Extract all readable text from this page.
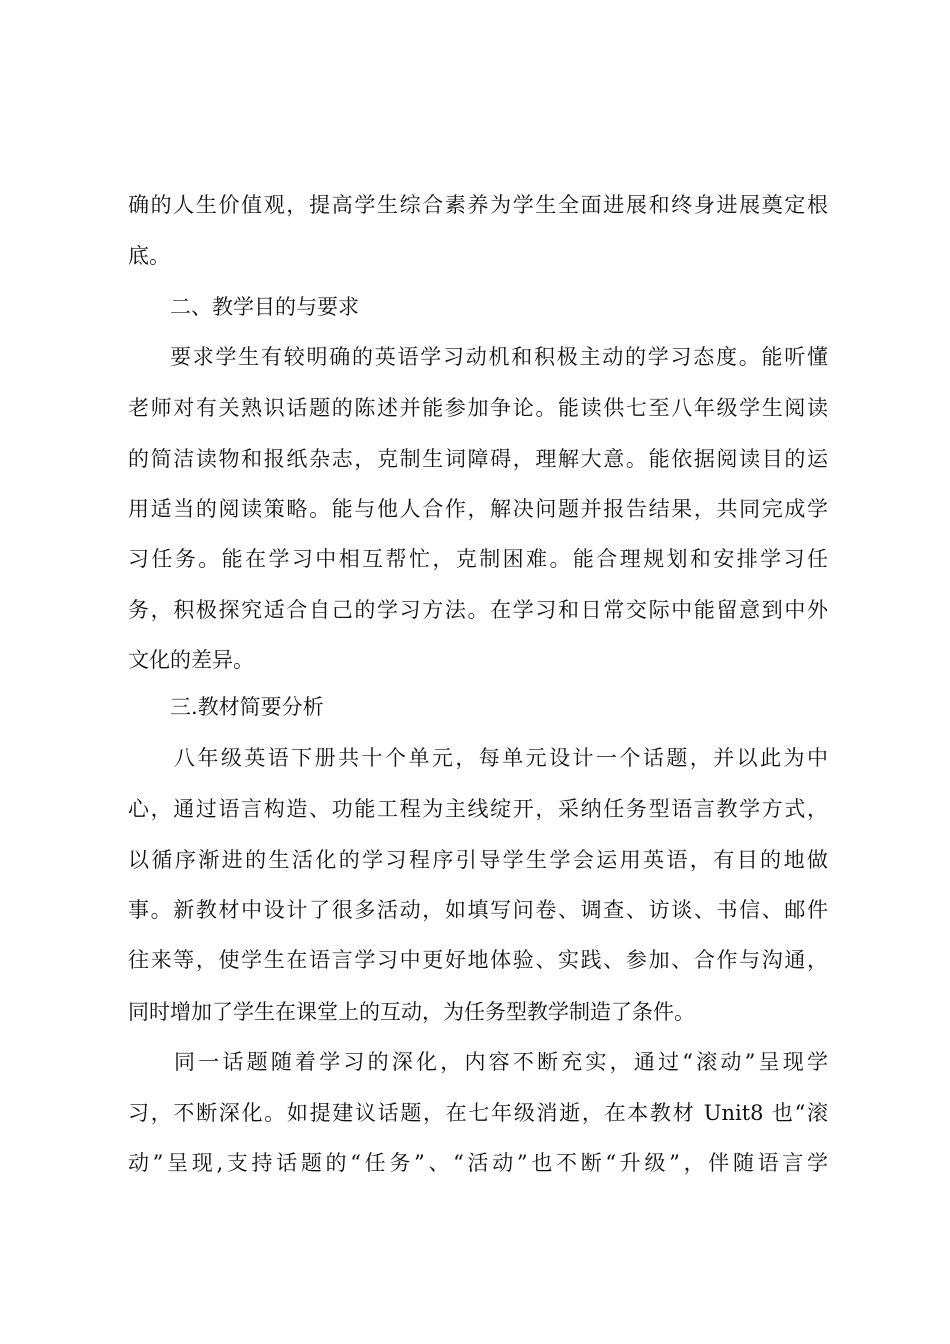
确的人生价值观，提高学生综合素养为学生全面进展和终身进展奠定根
底。
二、教学目的与要求
要求学生有较明确的英语学习动机和积极主动的学习态度。能听懂
老师对有关熟识话题的陈述并能参加争论。能读供七至八年级学生阅读
的简洁读物和报纸杂志，克制生词障碍，理解大意。能依据阅读目的运
用适当的阅读策略。能与他人合作，解决问题并报告结果，共同完成学
习任务。能在学习中相互帮忙，克制困难。能合理规划和安排学习任
务，积极探究适合自己的学习方法。在学习和日常交际中能留意到中外
文化的差异。
三.教材简要分析
八年级英语下册共十个单元，每单元设计一个话题，并以此为中
心，通过语言构造、功能工程为主线绽开，采纳任务型语言教学方式，
以循序渐进的生活化的学习程序引导学生学会运用英语，有目的地做
事。新教材中设计了很多活动，如填写问卷、调查、访谈、书信、邮件
往来等，使学生在语言学习中更好地体验、实践、参加、合作与沟通，
同时增加了学生在课堂上的互动，为任务型教学制造了条件。
同一话题随着学习的深化，内容不断充实，通过“滚动”呈现学
习，不断深化。如提建议话题，在七年级消逝，在本教材 Unit8 也“滚
动”呈现,支持话题的“任务”、“活动”也不断“升级”，伴随语言学
